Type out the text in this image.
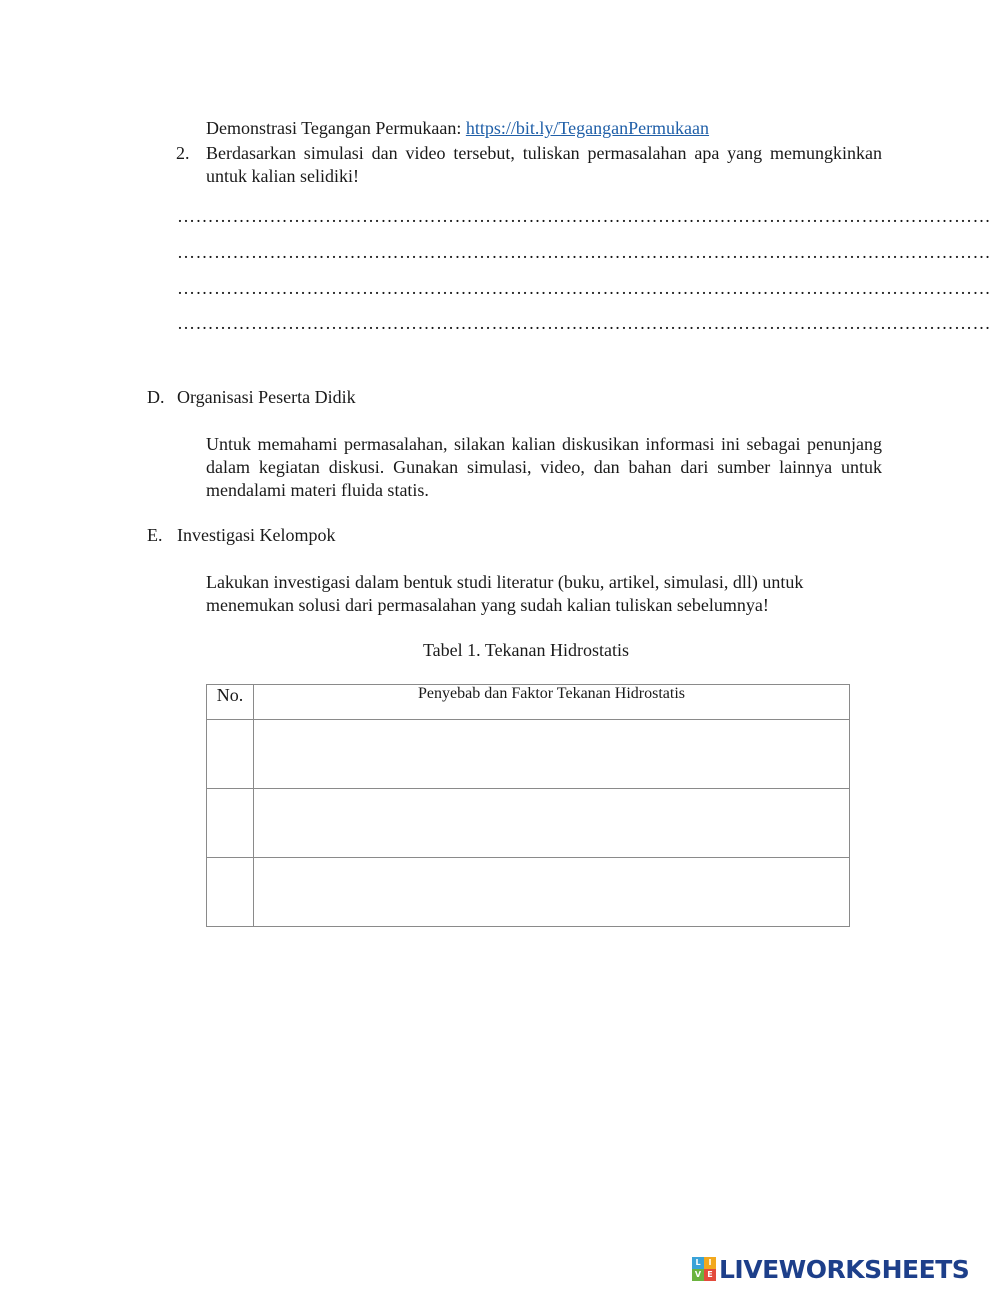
Demonstrasi Tegangan Permukaan: https://bit.ly/TeganganPermukaan
2. Berdasarkan simulasi dan video tersebut, tuliskan permasalahan apa yang memungkinkan untuk kalian selidiki!
……………………………………………………………………………………………………………………
……………………………………………………………………………………………………………………
……………………………………………………………………………………………………………………
……………………………………………………………………………………………………………………
D. Organisasi Peserta Didik
Untuk memahami permasalahan, silakan kalian diskusikan informasi ini sebagai penunjang dalam kegiatan diskusi. Gunakan simulasi, video, dan bahan dari sumber lainnya untuk mendalami materi fluida statis.
E. Investigasi Kelompok
Lakukan investigasi dalam bentuk studi literatur (buku, artikel, simulasi, dll) untuk menemukan solusi dari permasalahan yang sudah kalian tuliskan sebelumnya!
Tabel 1. Tekanan Hidrostatis
No.	Penyebab dan Faktor Tekanan Hidrostatis

L I
V E LIVEWORKSHEETS
